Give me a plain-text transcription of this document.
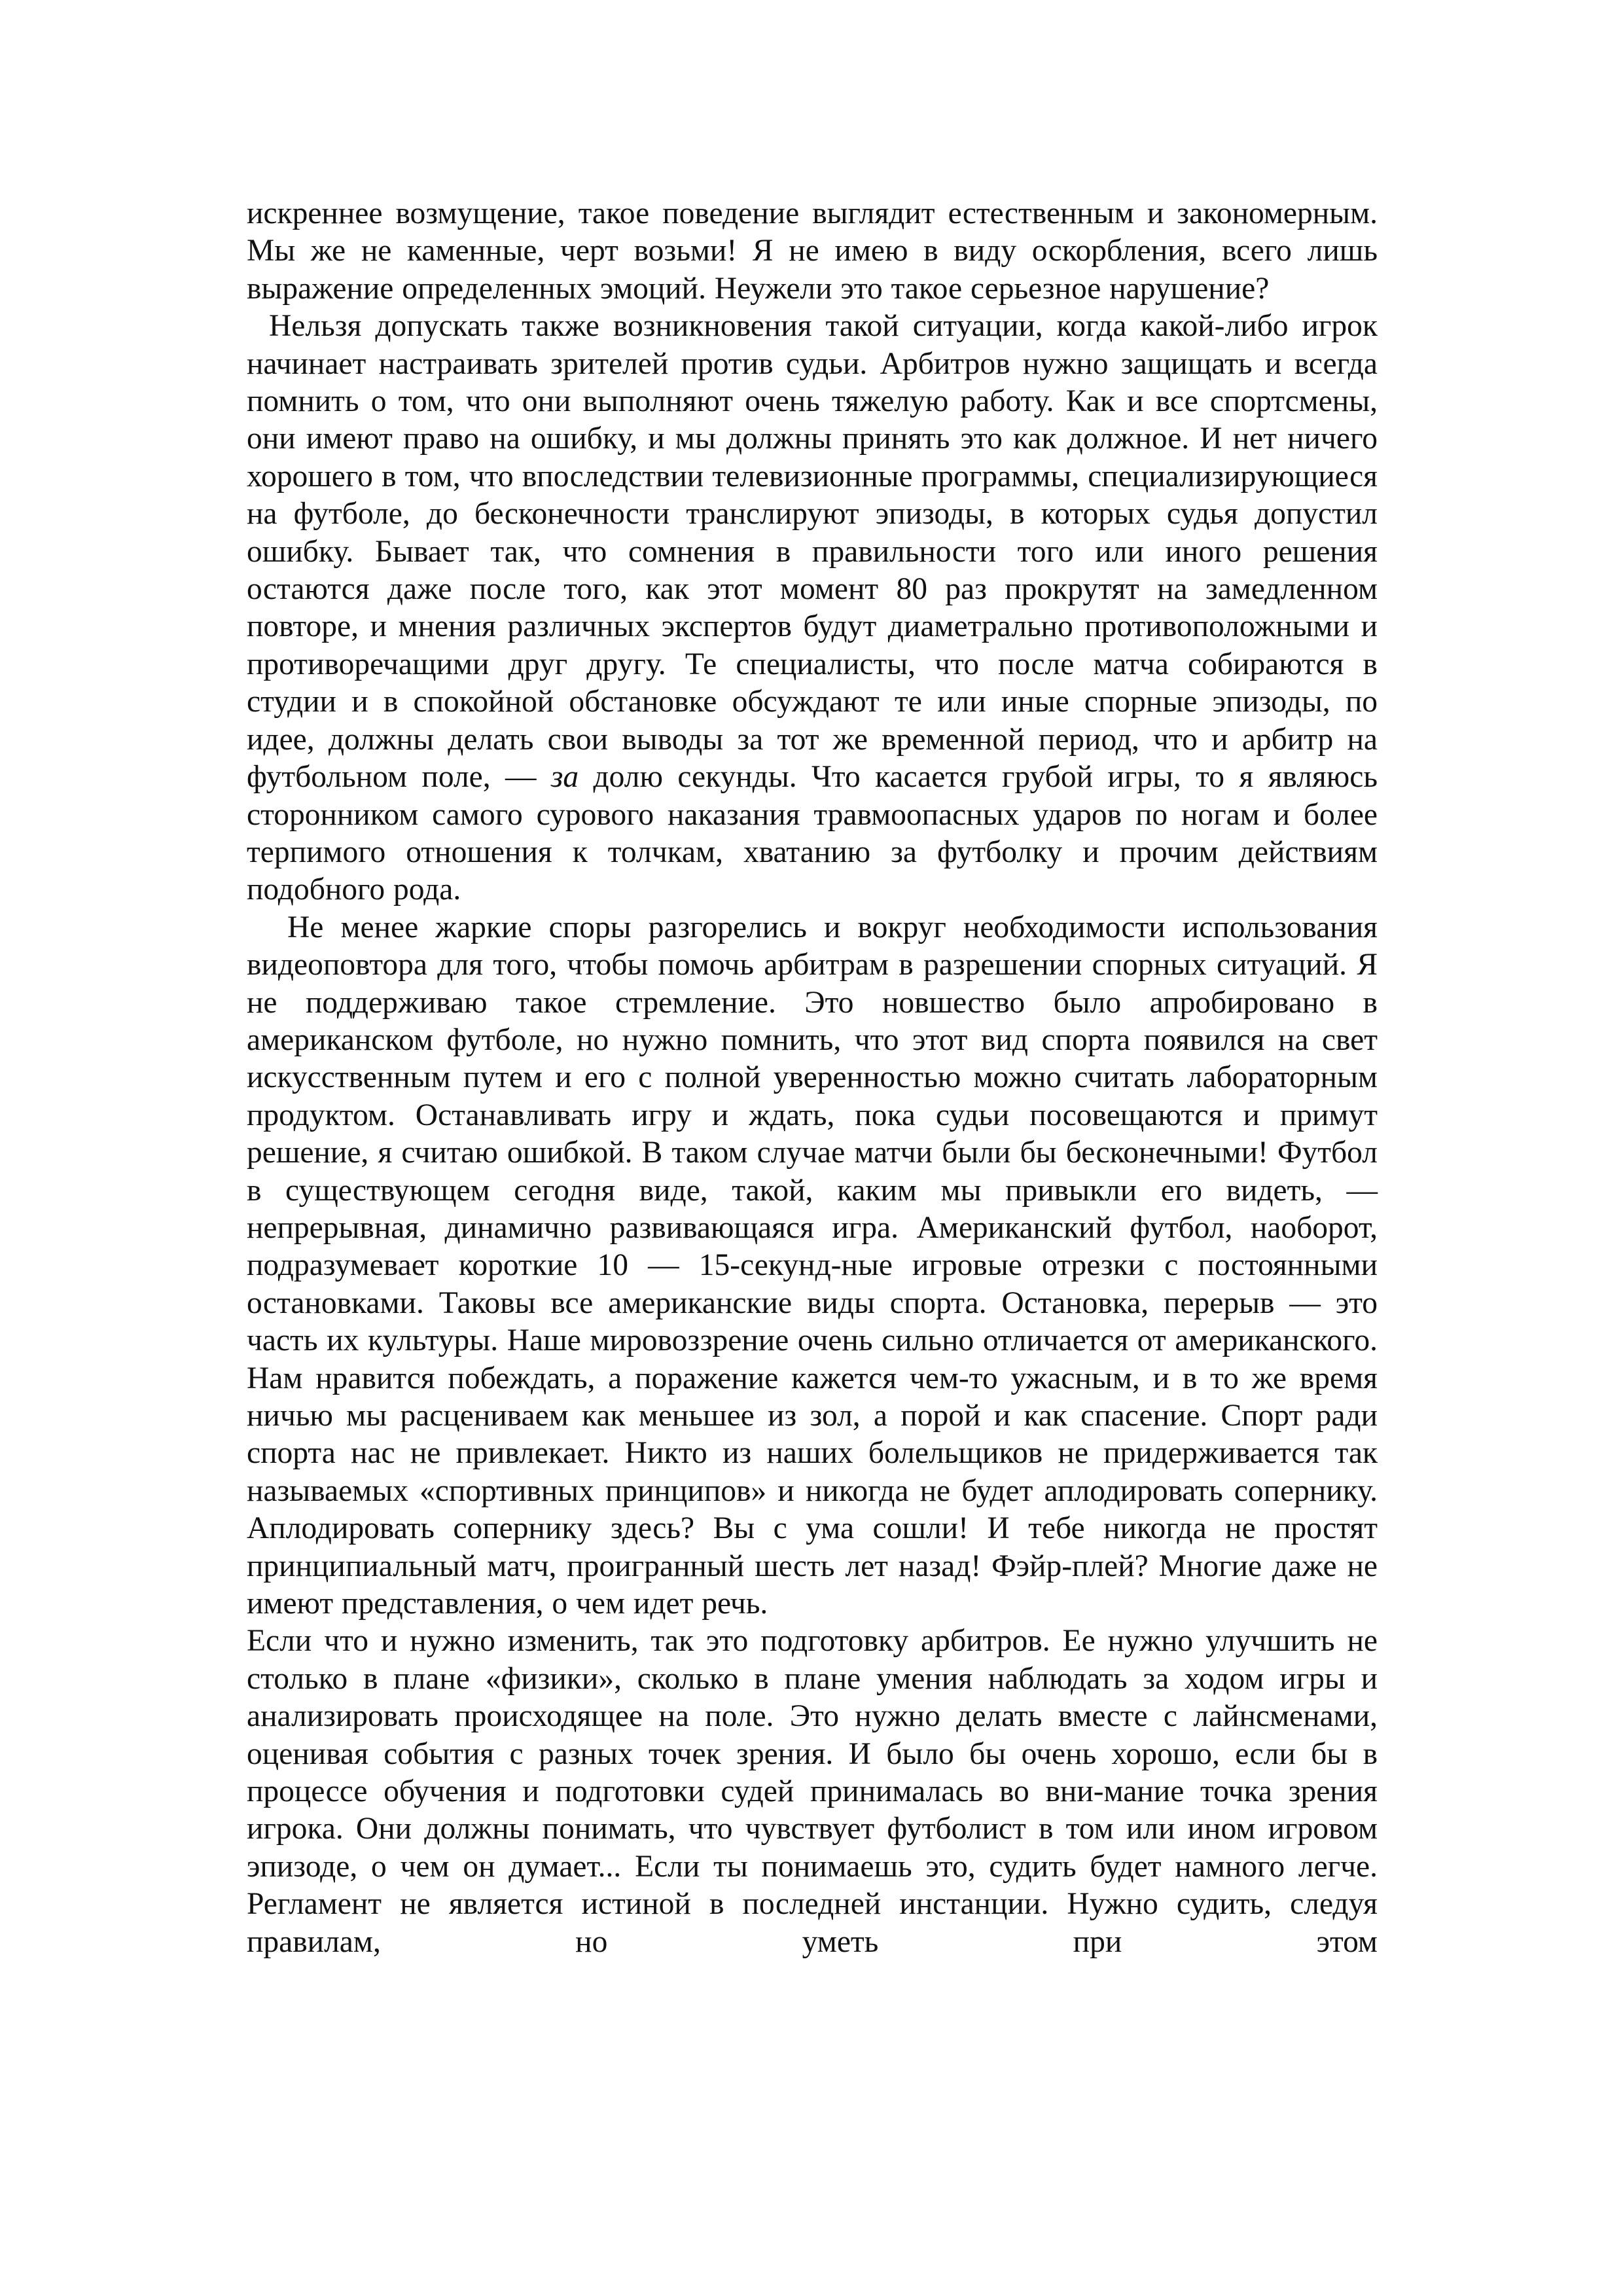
искреннее возмущение, такое поведение выглядит естественным и закономерным. Мы же не каменные, черт возьми! Я не имею в виду оскорбления, всего лишь выражение определенных эмоций. Неужели это такое серьезное нарушение?

Нельзя допускать также возникновения такой ситуации, когда какой-либо игрок начинает настраивать зрителей против судьи. Арбитров нужно защищать и всегда помнить о том, что они выполняют очень тяжелую работу. Как и все спортсмены, они имеют право на ошибку, и мы должны принять это как должное. И нет ничего хорошего в том, что впоследствии телевизионные программы, специализирующиеся на футболе, до бесконечности транслируют эпизоды, в которых судья допустил ошибку. Бывает так, что сомнения в правильности того или иного решения остаются даже после того, как этот момент 80 раз прокрутят на замедленном повторе, и мнения различных экспертов будут диаметрально противоположными и противоречащими друг другу. Те специалисты, что после матча собираются в студии и в спокойной обстановке обсуждают те или иные спорные эпизоды, по идее, должны делать свои выводы за тот же временной период, что и арбитр на футбольном поле, — за долю секунды. Что касается грубой игры, то я являюсь сторонником самого сурового наказания травмоопасных ударов по ногам и более терпимого отношения к толчкам, хватанию за футболку и прочим действиям подобного рода.

Не менее жаркие споры разгорелись и вокруг необходимости использования видеоповтора для того, чтобы помочь арбитрам в разрешении спорных ситуаций. Я не поддерживаю такое стремление. Это новшество было апробировано в американском футболе, но нужно помнить, что этот вид спорта появился на свет искусственным путем и его с полной уверенностью можно считать лабораторным продуктом. Останавливать игру и ждать, пока судьи посовещаются и примут решение, я считаю ошибкой. В таком случае матчи были бы бесконечными! Футбол в существующем сегодня виде, такой, каким мы привыкли его видеть, — непрерывная, динамично развивающаяся игра. Американский футбол, наоборот, подразумевает короткие 10 — 15-секунд-ные игровые отрезки с постоянными остановками. Таковы все американские виды спорта. Остановка, перерыв — это часть их культуры. Наше мировоззрение очень сильно отличается от американского. Нам нравится побеждать, а поражение кажется чем-то ужасным, и в то же время ничью мы расцениваем как меньшее из зол, а порой и как спасение. Спорт ради спорта нас не привлекает. Никто из наших болельщиков не придерживается так называемых «спортивных принципов» и никогда не будет аплодировать сопернику. Аплодировать сопернику здесь? Вы с ума сошли! И тебе никогда не простят принципиальный матч, проигранный шесть лет назад! Фэйр-плей? Многие даже не имеют представления, о чем идет речь.

Если что и нужно изменить, так это подготовку арбитров. Ее нужно улучшить не столько в плане «физики», сколько в плане умения наблюдать за ходом игры и анализировать происходящее на поле. Это нужно делать вместе с лайнсменами, оценивая события с разных точек зрения. И было бы очень хорошо, если бы в процессе обучения и подготовки судей принималась во вни-мание точка зрения игрока. Они должны понимать, что чувствует футболист в том или ином игровом эпизоде, о чем он думает... Если ты понимаешь это, судить будет намного легче. Регламент не является истиной в последней инстанции. Нужно судить, следуя правилам, но уметь при этом
